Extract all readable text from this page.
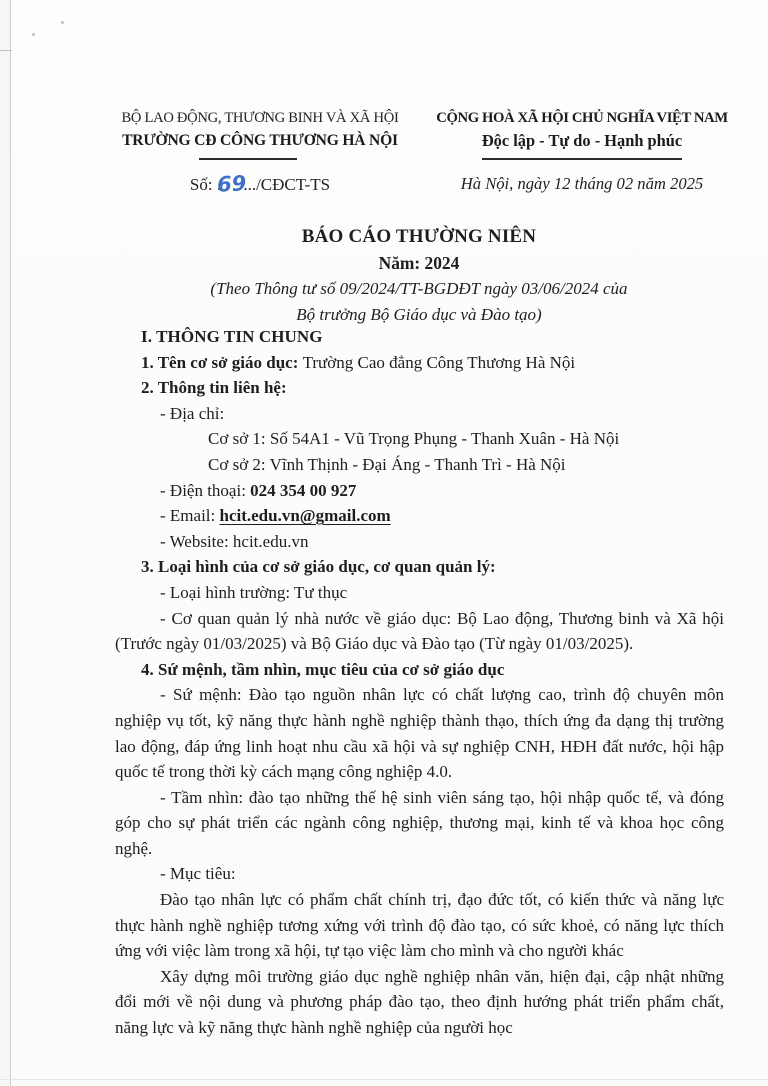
BỘ LAO ĐỘNG, THƯƠNG BINH VÀ XÃ HỘI
TRƯỜNG CĐ CÔNG THƯƠNG HÀ NỘI
Số: .69.../CĐCT-TS
CỘNG HOÀ XÃ HỘI CHỦ NGHĨA VIỆT NAM
Độc lập - Tự do - Hạnh phúc
Hà Nội, ngày 12 tháng 02 năm 2025
BÁO CÁO THƯỜNG NIÊN
Năm: 2024
(Theo Thông tư số 09/2024/TT-BGDĐT ngày 03/06/2024 của
Bộ trưởng Bộ Giáo dục và Đào tạo)

I. THÔNG TIN CHUNG

1. Tên cơ sở giáo dục: Trường Cao đẳng Công Thương Hà Nội

2. Thông tin liên hệ:

- Địa chỉ:

Cơ sở 1: Số 54A1 - Vũ Trọng Phụng - Thanh Xuân - Hà Nội

Cơ sở 2: Vĩnh Thịnh - Đại Áng - Thanh Trì - Hà Nội

- Điện thoại: 024 354 00 927

- Email: hcit.edu.vn@gmail.com

- Website: hcit.edu.vn

3. Loại hình của cơ sở giáo dục, cơ quan quản lý:

- Loại hình trường: Tư thục

- Cơ quan quản lý nhà nước về giáo dục: Bộ Lao động, Thương binh và Xã hội (Trước ngày 01/03/2025) và Bộ Giáo dục và Đào tạo (Từ ngày 01/03/2025).

4. Sứ mệnh, tầm nhìn, mục tiêu của cơ sở giáo dục

- Sứ mệnh: Đào tạo nguồn nhân lực có chất lượng cao, trình độ chuyên môn nghiệp vụ tốt, kỹ năng thực hành nghề nghiệp thành thạo, thích ứng đa dạng thị trường lao động, đáp ứng linh hoạt nhu cầu xã hội và sự nghiệp CNH, HĐH đất nước, hội hập quốc tế trong thời kỳ cách mạng công nghiệp 4.0.

- Tầm nhìn: đào tạo những thế hệ sinh viên sáng tạo, hội nhập quốc tế, và đóng góp cho sự phát triển các ngành công nghiệp, thương mại, kinh tế và khoa học công nghệ.

- Mục tiêu:

Đào tạo nhân lực có phẩm chất chính trị, đạo đức tốt, có kiến thức và năng lực thực hành nghề nghiệp tương xứng với trình độ đào tạo, có sức khoẻ, có năng lực thích ứng với việc làm trong xã hội, tự tạo việc làm cho mình và cho người khác

Xây dựng môi trường giáo dục nghề nghiệp nhân văn, hiện đại, cập nhật những đổi mới về nội dung và phương pháp đào tạo, theo định hướng phát triển phẩm chất, năng lực và kỹ năng thực hành nghề nghiệp của người học
